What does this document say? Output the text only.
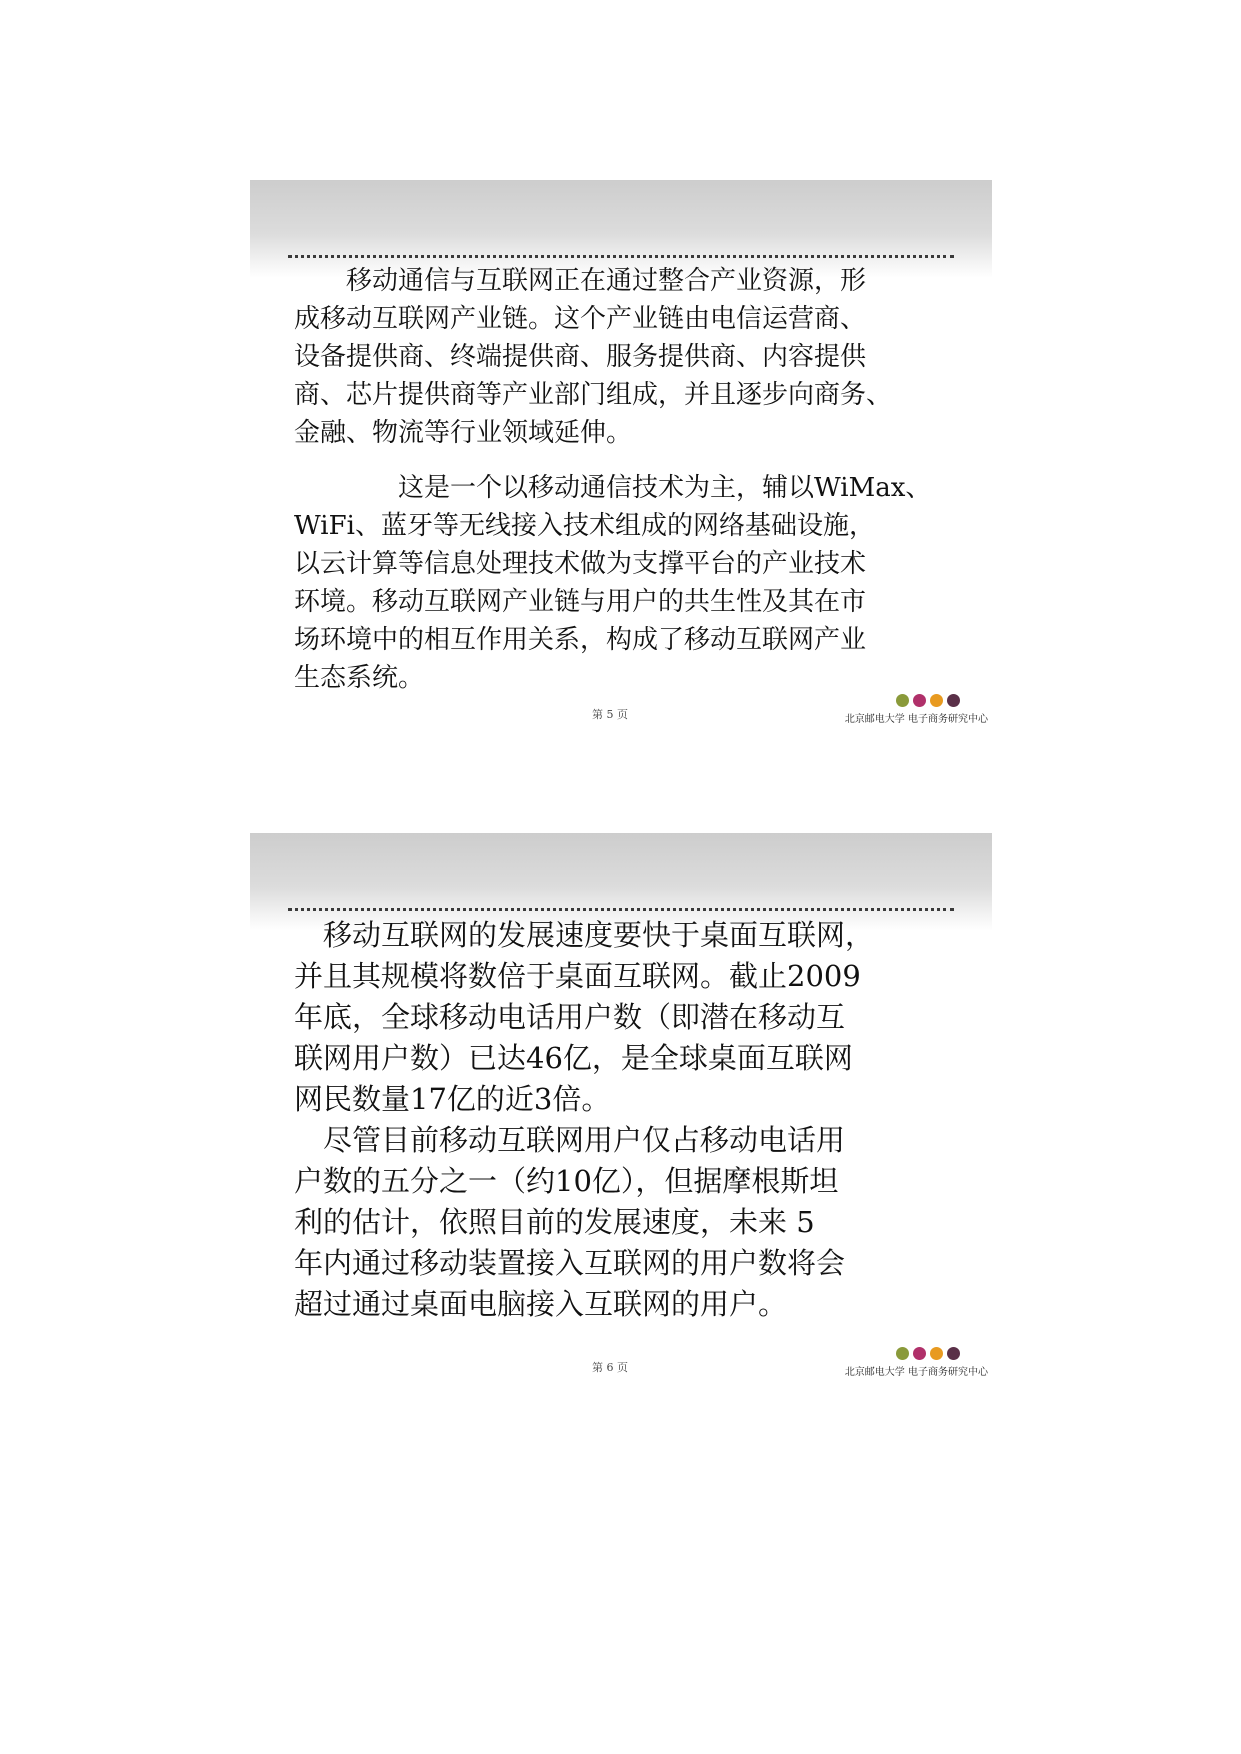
　　移动通信与互联网正在通过整合产业资源，形
成移动互联网产业链。这个产业链由电信运营商、
设备提供商、终端提供商、服务提供商、内容提供
商、芯片提供商等产业部门组成，并且逐步向商务、
金融、物流等行业领域延伸。

　　　　这是一个以移动通信技术为主，辅以WiMax、
WiFi、蓝牙等无线接入技术组成的网络基础设施，
以云计算等信息处理技术做为支撑平台的产业技术
环境。移动互联网产业链与用户的共生性及其在市
场环境中的相互作用关系，构成了移动互联网产业
生态系统。

第 5 页	北京邮电大学 电子商务研究中心

　移动互联网的发展速度要快于桌面互联网，
并且其规模将数倍于桌面互联网。截止2009
年底，全球移动电话用户数（即潜在移动互
联网用户数）已达46亿，是全球桌面互联网
网民数量17亿的近3倍。

　尽管目前移动互联网用户仅占移动电话用
户数的五分之一（约10亿），但据摩根斯坦
利的估计，依照目前的发展速度，未来 5
年内通过移动装置接入互联网的用户数将会
超过通过桌面电脑接入互联网的用户。

第 6 页	北京邮电大学 电子商务研究中心
